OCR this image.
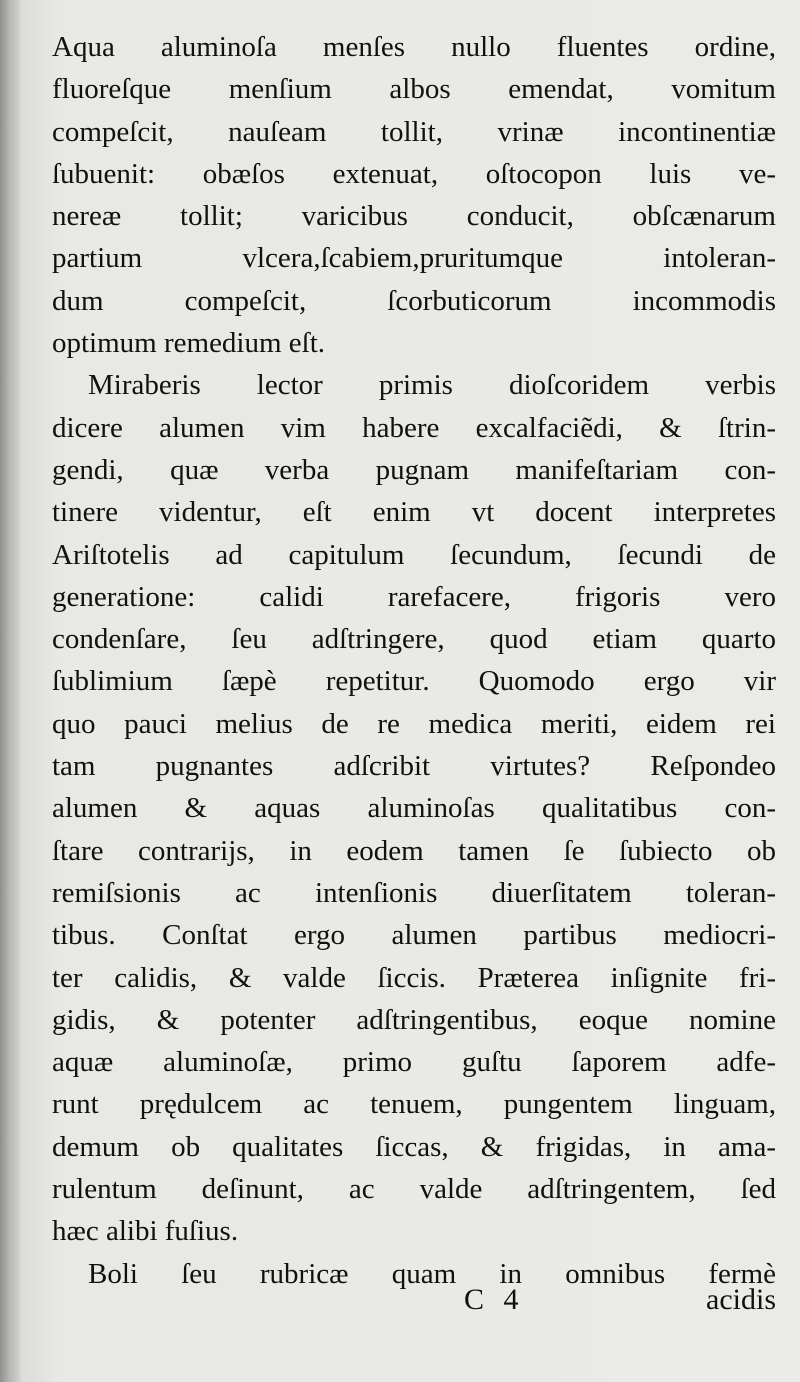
Aqua aluminoſa menſes nullo fluentes ordine,
fluoreſque menſium albos emendat, vomitum
compeſcit, nauſeam tollit, vrinæ incontinentiæ
ſubuenit: obæſos extenuat, oſtocopon luis ve-
nereæ tollit; varicibus conducit, obſcænarum
partium vlcera,ſcabiem,pruritumque intoleran-
dum compeſcit, ſcorbuticorum incommodis
optimum remedium eſt.
Miraberis lector primis dioſcoridem verbis
dicere alumen vim habere excalfaciẽdi, & ſtrin-
gendi, quæ verba pugnam manifeſtariam con-
tinere videntur, eſt enim vt docent interpretes
Ariſtotelis ad capitulum ſecundum, ſecundi de
generatione: calidi rarefacere, frigoris vero
condenſare, ſeu adſtringere, quod etiam quarto
ſublimium ſæpè repetitur. Quomodo ergo vir
quo pauci melius de re medica meriti, eidem rei
tam pugnantes adſcribit virtutes? Reſpondeo
alumen & aquas aluminoſas qualitatibus con-
ſtare contrarijs, in eodem tamen ſe ſubiecto ob
remiſsionis ac intenſionis diuerſitatem toleran-
tibus. Conſtat ergo alumen partibus mediocri-
ter calidis, & valde ſiccis. Præterea inſignite fri-
gidis, & potenter adſtringentibus, eoque nomine
aquæ aluminoſæ, primo guſtu ſaporem adfe-
runt prędulcem ac tenuem, pungentem linguam,
demum ob qualitates ſiccas, & frigidas, in ama-
rulentum deſinunt, ac valde adſtringentem, ſed
hæc alibi fuſius.
Boli ſeu rubricæ quam in omnibus fermè
C 4	acidis
